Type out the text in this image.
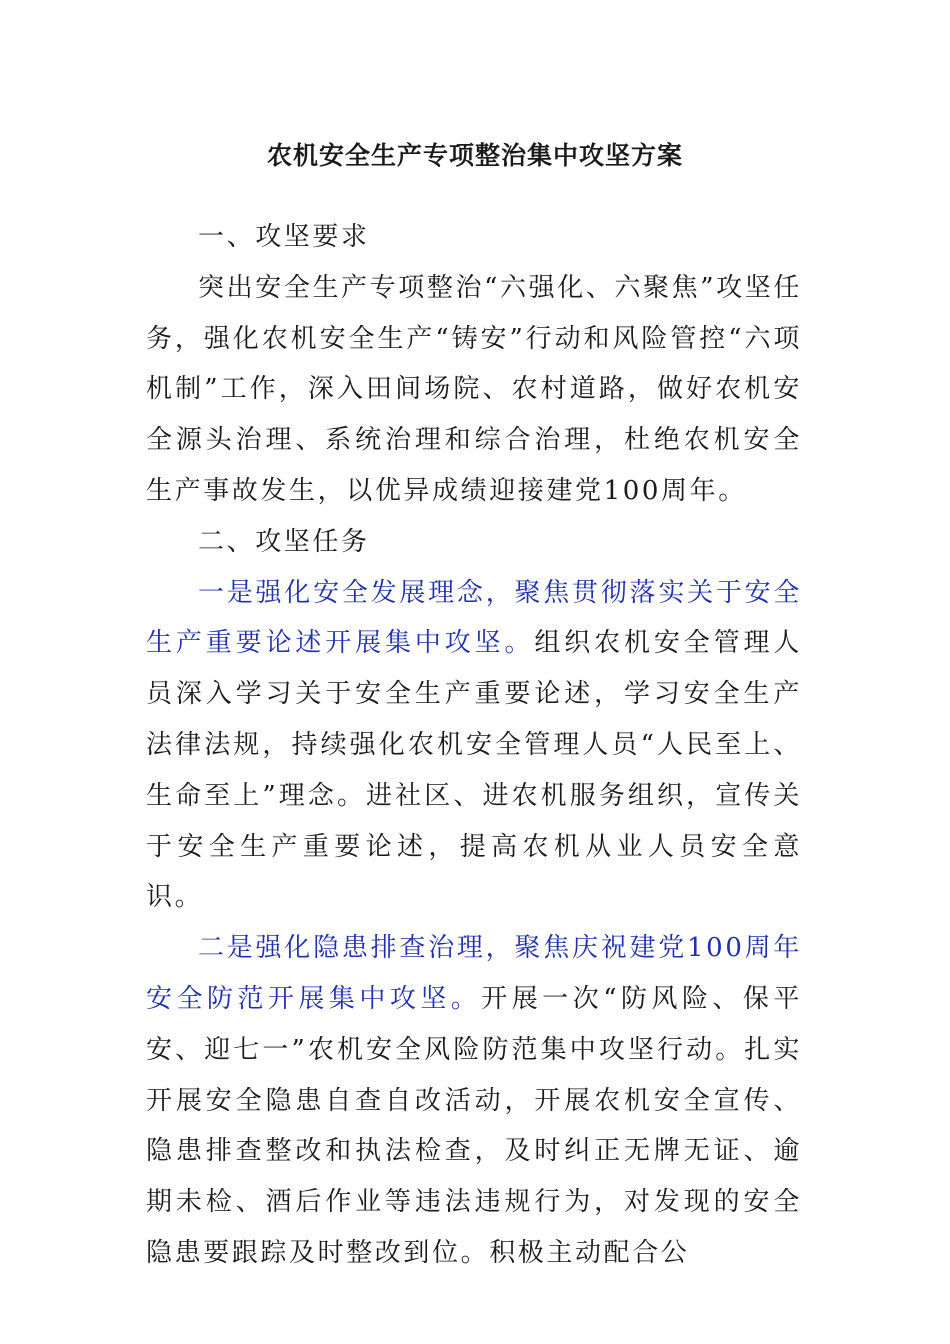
农机安全生产专项整治集中攻坚方案

一、攻坚要求

突出安全生产专项整治“六强化、六聚焦”攻坚任务，强化农机安全生产“铸安”行动和风险管控“六项机制”工作，深入田间场院、农村道路，做好农机安全源头治理、系统治理和综合治理，杜绝农机安全生产事故发生，以优异成绩迎接建党100周年。

二、攻坚任务

一是强化安全发展理念，聚焦贯彻落实关于安全生产重要论述开展集中攻坚。组织农机安全管理人员深入学习关于安全生产重要论述，学习安全生产法律法规，持续强化农机安全管理人员“人民至上、生命至上”理念。进社区、进农机服务组织，宣传关于安全生产重要论述，提高农机从业人员安全意识。

二是强化隐患排查治理，聚焦庆祝建党100周年安全防范开展集中攻坚。开展一次“防风险、保平安、迎七一”农机安全风险防范集中攻坚行动。扎实开展安全隐患自查自改活动，开展农机安全宣传、隐患排查整改和执法检查，及时纠正无牌无证、逾期未检、酒后作业等违法违规行为，对发现的安全隐患要跟踪及时整改到位。积极主动配合公
